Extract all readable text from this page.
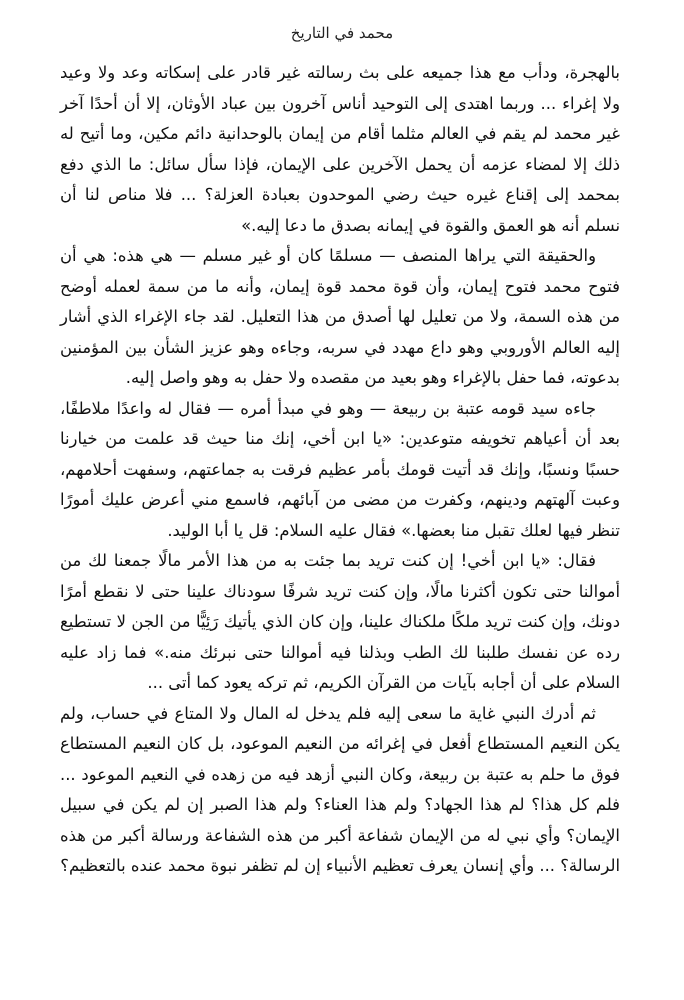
محمد في التاريخ

بالهجرة، ودأب مع هذا جميعه على بث رسالته غير قادر على إسكاته وعد ولا وعيد ولا إغراء ... وربما اهتدى إلى التوحيد أناس آخرون بين عباد الأوثان، إلا أن أحدًا آخر غير محمد لم يقم في العالم مثلما أقام من إيمان بالوحدانية دائم مكين، وما أتيح له ذلك إلا لمضاء عزمه أن يحمل الآخرين على الإيمان، فإذا سأل سائل: ما الذي دفع بمحمد إلى إقناع غيره حيث رضي الموحدون بعبادة العزلة؟ ... فلا مناص لنا أن نسلم أنه هو العمق والقوة في إيمانه بصدق ما دعا إليه.»

والحقيقة التي يراها المنصف — مسلمًا كان أو غير مسلم — هي هذه: هي أن فتوح محمد فتوح إيمان، وأن قوة محمد قوة إيمان، وأنه ما من سمة لعمله أوضح من هذه السمة، ولا من تعليل لها أصدق من هذا التعليل. لقد جاء الإغراء الذي أشار إليه العالم الأوروبي وهو داع مهدد في سربه، وجاءه وهو عزيز الشأن بين المؤمنين بدعوته، فما حفل بالإغراء وهو بعيد من مقصده ولا حفل به وهو واصل إليه.

جاءه سيد قومه عتبة بن ربيعة — وهو في مبدأ أمره — فقال له واعدًا ملاطفًا، بعد أن أعياهم تخويفه متوعدين: «يا ابن أخي، إنك منا حيث قد علمت من خيارنا حسبًا ونسبًا، وإنك قد أتيت قومك بأمر عظيم فرقت به جماعتهم، وسفهت أحلامهم، وعبت آلهتهم ودينهم، وكفرت من مضى من آبائهم، فاسمع مني أعرض عليك أمورًا تنظر فيها لعلك تقبل منا بعضها.» فقال عليه السلام: قل يا أبا الوليد.

فقال: «يا ابن أخي! إن كنت تريد بما جئت به من هذا الأمر مالًا جمعنا لك من أموالنا حتى تكون أكثرنا مالًا، وإن كنت تريد شرفًا سودناك علينا حتى لا نقطع أمرًا دونك، وإن كنت تريد ملكًا ملكناك علينا، وإن كان الذي يأتيك رَئِيًّا من الجن لا تستطيع رده عن نفسك طلبنا لك الطب وبذلنا فيه أموالنا حتى نبرئك منه.» فما زاد عليه السلام على أن أجابه بآيات من القرآن الكريم، ثم تركه يعود كما أتى ...

ثم أدرك النبي غاية ما سعى إليه فلم يدخل له المال ولا المتاع في حساب، ولم يكن النعيم المستطاع أفعل في إغرائه من النعيم الموعود، بل كان النعيم المستطاع فوق ما حلم به عتبة بن ربيعة، وكان النبي أزهد فيه من زهده في النعيم الموعود ... فلم كل هذا؟ لم هذا الجهاد؟ ولم هذا العناء؟ ولم هذا الصبر إن لم يكن في سبيل الإيمان؟ وأي نبي له من الإيمان شفاعة أكبر من هذه الشفاعة ورسالة أكبر من هذه الرسالة؟ ... وأي إنسان يعرف تعظيم الأنبياء إن لم تظفر نبوة محمد عنده بالتعظيم؟
